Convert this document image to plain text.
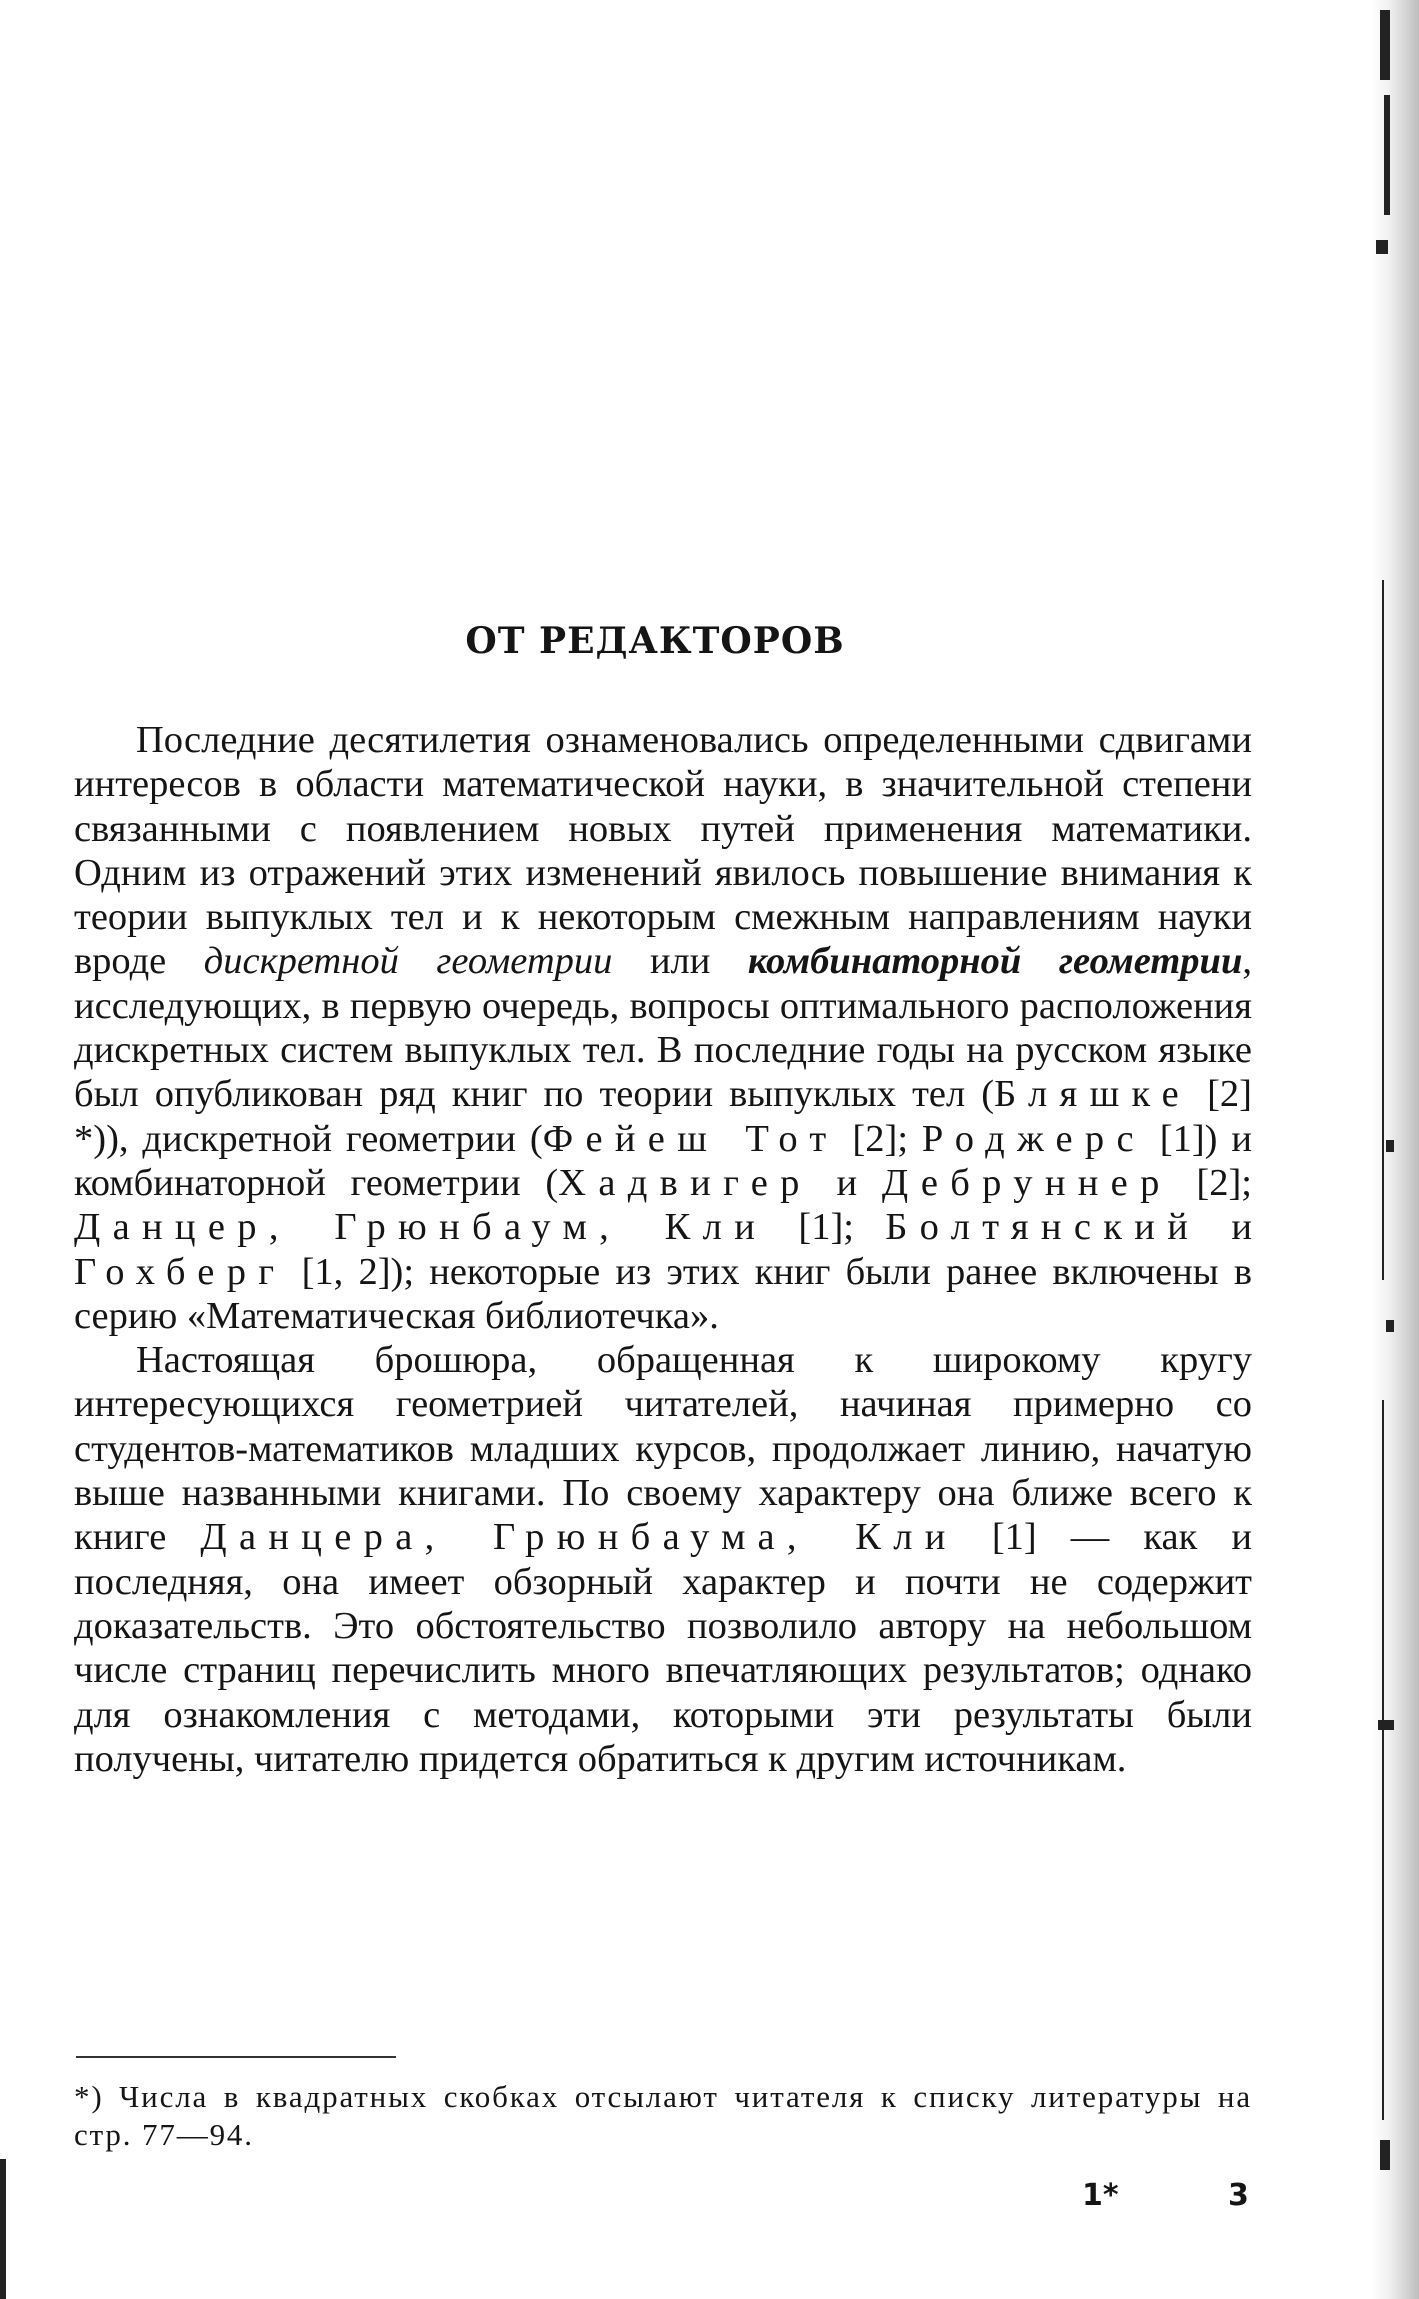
ОТ РЕДАКТОРОВ

Последние десятилетия ознаменовались определенными сдвигами интересов в области математической науки, в значительной степени связанными с появлением новых путей применения математики. Одним из отражений этих изменений явилось повышение внимания к теории выпуклых тел и к некоторым смежным направлениям науки вроде дискретной геометрии или комбинаторной геометрии, исследующих, в первую очередь, вопросы оптимального расположения дискретных систем выпуклых тел. В последние годы на русском языке был опубликован ряд книг по теории выпуклых тел (Бляшке [2] *)), дискретной геометрии (Фейеш Тот [2]; Роджерс [1]) и комбинаторной геометрии (Хадвигер и Дебруннер [2]; Данцер, Грюнбаум, Кли [1]; Болтянский и Гохберг [1, 2]); некоторые из этих книг были ранее включены в серию «Математическая библиотечка».

Настоящая брошюра, обращенная к широкому кругу интересующихся геометрией читателей, начиная примерно со студентов-математиков младших курсов, продолжает линию, начатую выше названными книгами. По своему характеру она ближе всего к книге Данцера, Грюнбаума, Кли [1] — как и последняя, она имеет обзорный характер и почти не содержит доказательств. Это обстоятельство позволило автору на небольшом числе страниц перечислить много впечатляющих результатов; однако для ознакомления с методами, которыми эти результаты были получены, читателю придется обратиться к другим источникам.

*) Числа в квадратных скобках отсылают читателя к списку литературы на стр. 77—94.
1*	3
